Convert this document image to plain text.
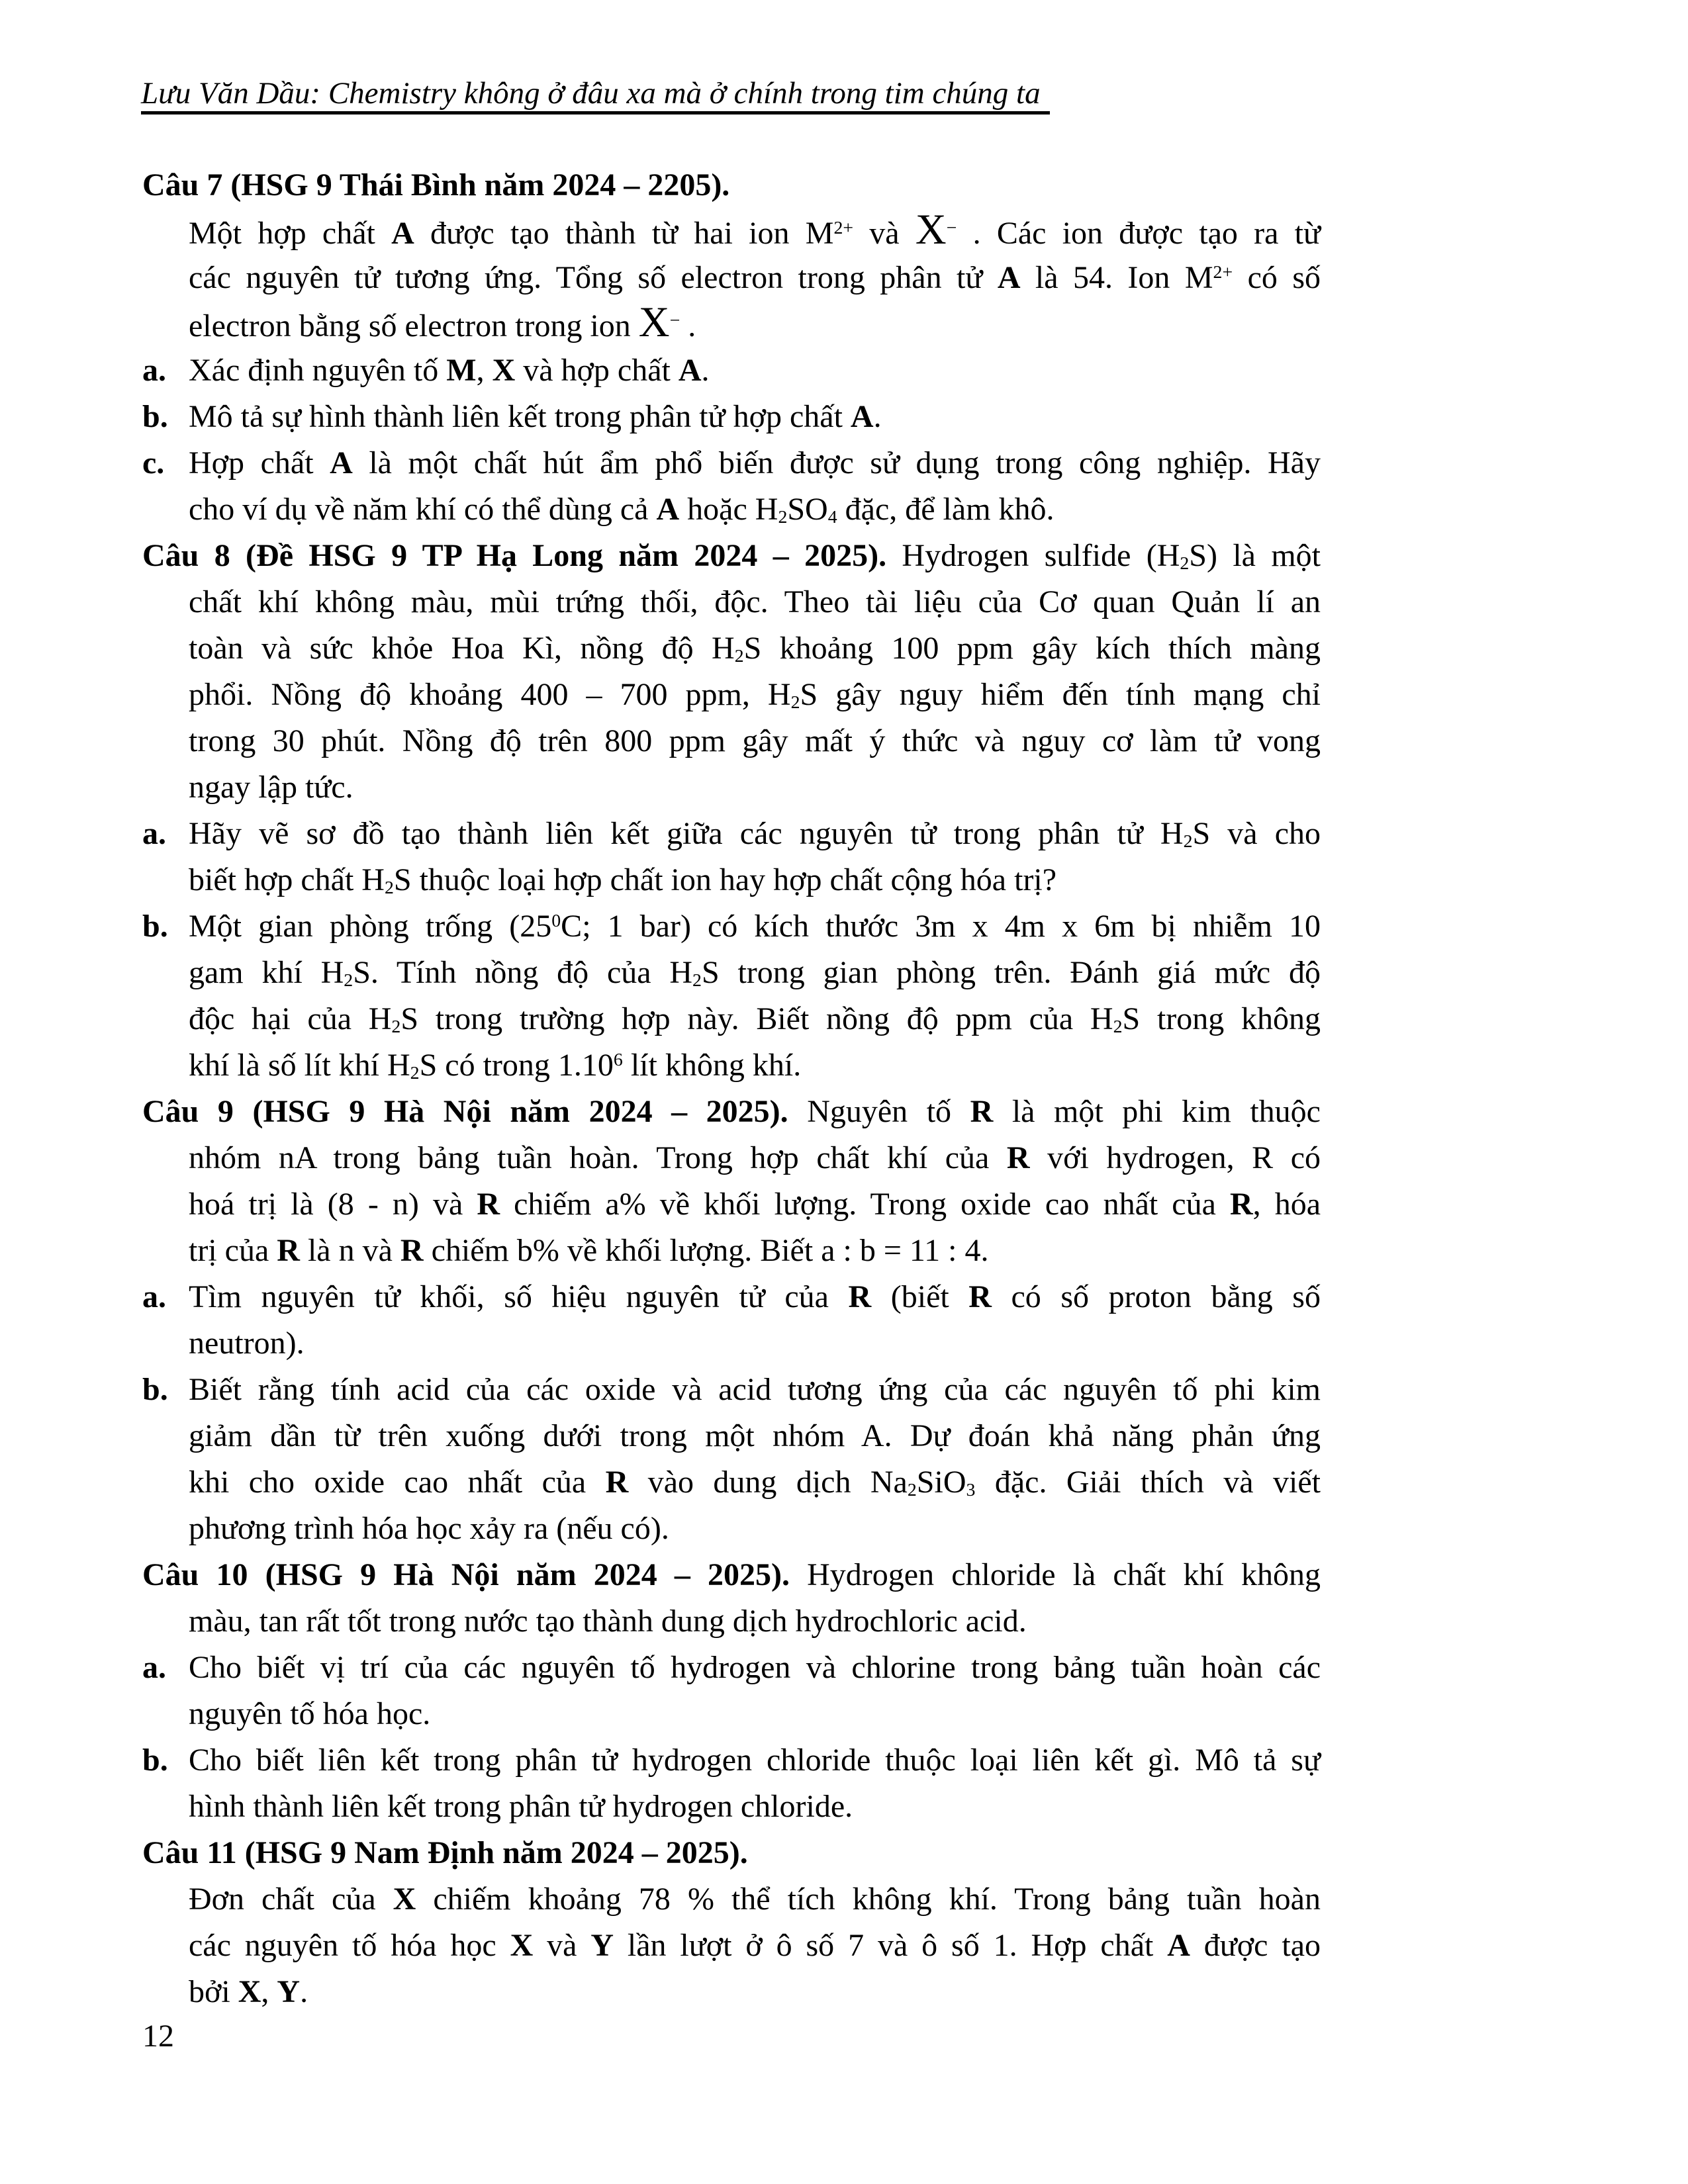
Lưu Văn Dầu: Chemistry không ở đâu xa mà ở chính trong tim chúng ta
Câu 7 (HSG 9 Thái Bình năm 2024 – 2205).
Một hợp chất A được tạo thành từ hai ion $M^{2+}$ và X− . Các ion được tạo ra từ
các nguyên tử tương ứng. Tổng số electron trong phân tử A là 54. Ion $M^{2+}$ có số
electron bằng số electron trong ion X− .
a. Xác định nguyên tố M, X và hợp chất A.
b. Mô tả sự hình thành liên kết trong phân tử hợp chất A.
c. Hợp chất A là một chất hút ẩm phổ biến được sử dụng trong công nghiệp. Hãy
cho ví dụ về năm khí có thể dùng cả A hoặc $H_2SO_4$ đặc, để làm khô.
Câu 8 (Đề HSG 9 TP Hạ Long năm 2024 – 2025). Hydrogen sulfide $(H_2S)$ là một
chất khí không màu, mùi trứng thối, độc. Theo tài liệu của Cơ quan Quản lí an
toàn và sức khỏe Hoa Kì, nồng độ $H_2S$ khoảng 100 ppm gây kích thích màng
phổi. Nồng độ khoảng 400 – 700 ppm, $H_2S$ gây nguy hiểm đến tính mạng chỉ
trong 30 phút. Nồng độ trên 800 ppm gây mất ý thức và nguy cơ làm tử vong
ngay lập tức.
a. Hãy vẽ sơ đồ tạo thành liên kết giữa các nguyên tử trong phân tử $H_2S$ và cho
biết hợp chất $H_2S$ thuộc loại hợp chất ion hay hợp chất cộng hóa trị?
b. Một gian phòng trống ($25^0C$; 1 bar) có kích thước 3m x 4m x 6m bị nhiễm 10
gam khí $H_2S$. Tính nồng độ của $H_2S$ trong gian phòng trên. Đánh giá mức độ
độc hại của $H_2S$ trong trường hợp này. Biết nồng độ ppm của $H_2S$ trong không
khí là số lít khí $H_2S$ có trong 1.10$^6$ lít không khí.
Câu 9 (HSG 9 Hà Nội năm 2024 – 2025). Nguyên tố R là một phi kim thuộc
nhóm nA trong bảng tuần hoàn. Trong hợp chất khí của R với hydrogen, R có
hoá trị là (8 - n) và R chiếm a% về khối lượng. Trong oxide cao nhất của R, hóa
trị của R là n và R chiếm b% về khối lượng. Biết a : b = 11 : 4.
a. Tìm nguyên tử khối, số hiệu nguyên tử của R (biết R có số proton bằng số
neutron).
b. Biết rằng tính acid của các oxide và acid tương ứng của các nguyên tố phi kim
giảm dần từ trên xuống dưới trong một nhóm A. Dự đoán khả năng phản ứng
khi cho oxide cao nhất của R vào dung dịch $Na_2SiO_3$ đặc. Giải thích và viết
phương trình hóa học xảy ra (nếu có).
Câu 10 (HSG 9 Hà Nội năm 2024 – 2025). Hydrogen chloride là chất khí không
màu, tan rất tốt trong nước tạo thành dung dịch hydrochloric acid.
a. Cho biết vị trí của các nguyên tố hydrogen và chlorine trong bảng tuần hoàn các
nguyên tố hóa học.
b. Cho biết liên kết trong phân tử hydrogen chloride thuộc loại liên kết gì. Mô tả sự
hình thành liên kết trong phân tử hydrogen chloride.
Câu 11 (HSG 9 Nam Định năm 2024 – 2025).
Đơn chất của X chiếm khoảng 78 % thể tích không khí. Trong bảng tuần hoàn
các nguyên tố hóa học X và Y lần lượt ở ô số 7 và ô số 1. Hợp chất A được tạo
bởi X, Y.
12
